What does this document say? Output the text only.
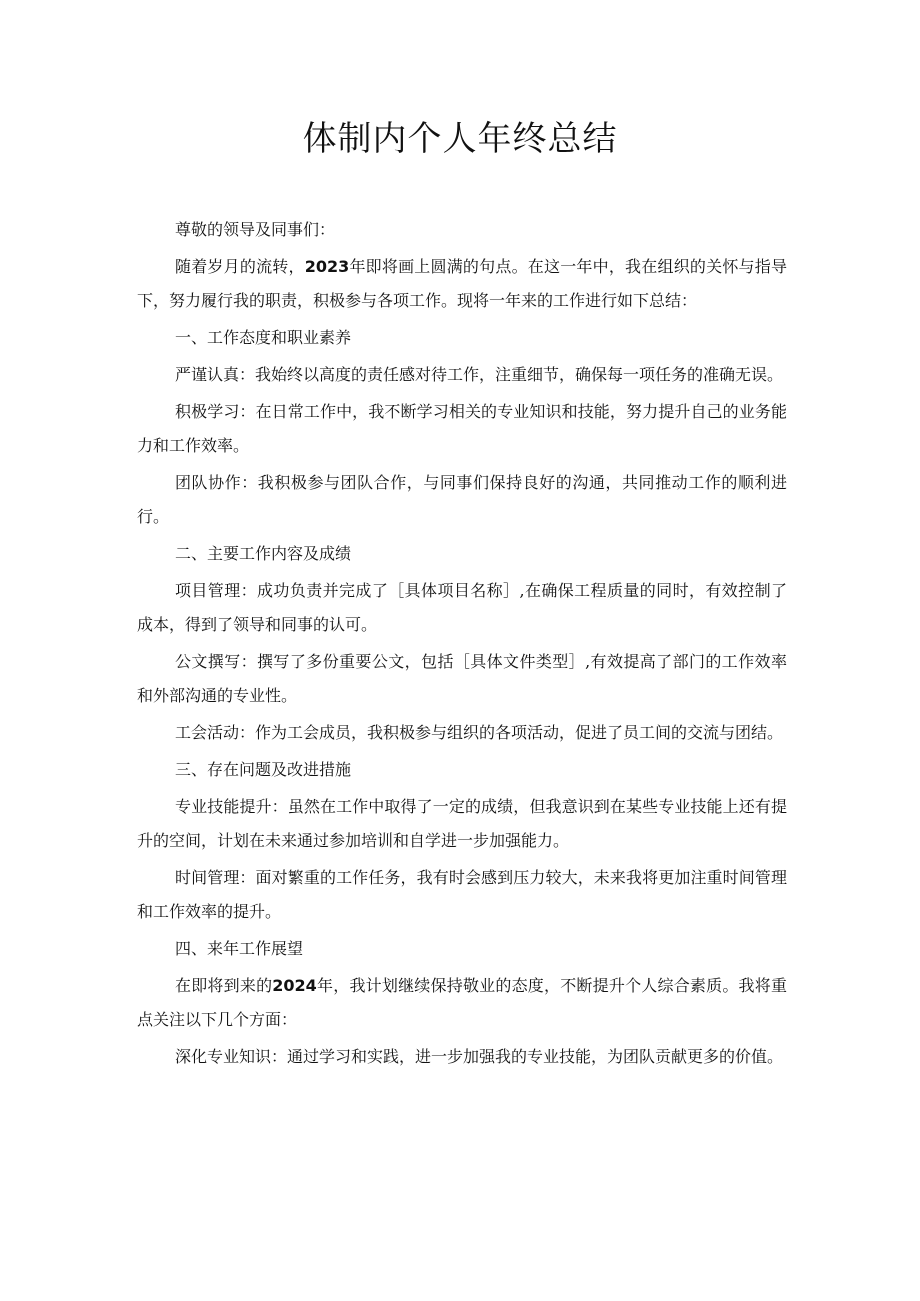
体制内个人年终总结

尊敬的领导及同事们：

随着岁月的流转，2023年即将画上圆满的句点。在这一年中，我在组织的关怀与指导下，努力履行我的职责，积极参与各项工作。现将一年来的工作进行如下总结：

一、工作态度和职业素养

严谨认真：我始终以高度的责任感对待工作，注重细节，确保每一项任务的准确无误。

积极学习：在日常工作中，我不断学习相关的专业知识和技能，努力提升自己的业务能力和工作效率。

团队协作：我积极参与团队合作，与同事们保持良好的沟通，共同推动工作的顺利进行。

二、主要工作内容及成绩

项目管理：成功负责并完成了［具体项目名称］,在确保工程质量的同时，有效控制了成本，得到了领导和同事的认可。

公文撰写：撰写了多份重要公文，包括［具体文件类型］,有效提高了部门的工作效率和外部沟通的专业性。

工会活动：作为工会成员，我积极参与组织的各项活动，促进了员工间的交流与团结。

三、存在问题及改进措施

专业技能提升：虽然在工作中取得了一定的成绩，但我意识到在某些专业技能上还有提升的空间，计划在未来通过参加培训和自学进一步加强能力。

时间管理：面对繁重的工作任务，我有时会感到压力较大，未来我将更加注重时间管理和工作效率的提升。

四、来年工作展望

在即将到来的2024年，我计划继续保持敬业的态度，不断提升个人综合素质。我将重点关注以下几个方面：

深化专业知识：通过学习和实践，进一步加强我的专业技能，为团队贡献更多的价值。
